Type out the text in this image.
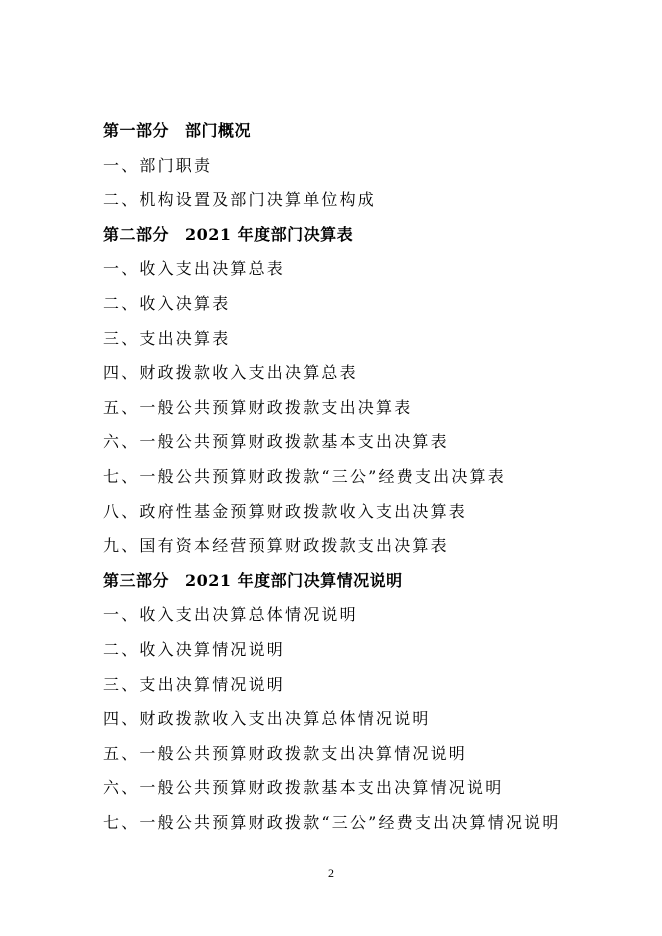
第一部分 部门概况
一、部门职责
二、机构设置及部门决算单位构成
第二部分 2021 年度部门决算表
一、收入支出决算总表
二、收入决算表
三、支出决算表
四、财政拨款收入支出决算总表
五、一般公共预算财政拨款支出决算表
六、一般公共预算财政拨款基本支出决算表
七、一般公共预算财政拨款“三公”经费支出决算表
八、政府性基金预算财政拨款收入支出决算表
九、国有资本经营预算财政拨款支出决算表
第三部分 2021 年度部门决算情况说明
一、收入支出决算总体情况说明
二、收入决算情况说明
三、支出决算情况说明
四、财政拨款收入支出决算总体情况说明
五、一般公共预算财政拨款支出决算情况说明
六、一般公共预算财政拨款基本支出决算情况说明
七、一般公共预算财政拨款“三公”经费支出决算情况说明
2
